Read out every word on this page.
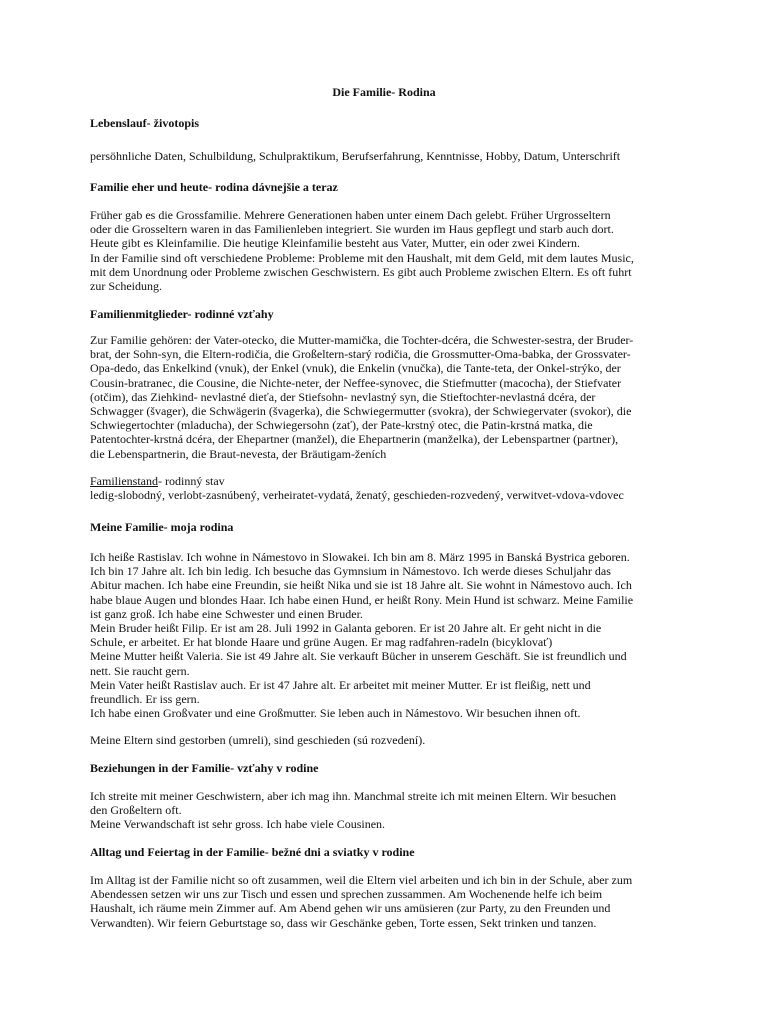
Die Familie- Rodina
Lebenslauf- životopis
persöhnliche Daten, Schulbildung, Schulpraktikum, Berufserfahrung, Kenntnisse, Hobby, Datum, Unterschrift
Familie eher und heute- rodina dávnejšie a teraz
Früher gab es die Grossfamilie. Mehrere Generationen haben unter einem Dach gelebt. Früher Urgrosseltern
oder die Grosseltern waren in das Familienleben integriert. Sie wurden im Haus gepflegt und starb auch dort.
Heute gibt es Kleinfamilie. Die heutige Kleinfamilie besteht aus Vater, Mutter, ein oder zwei Kindern.
In der Familie sind oft verschiedene Probleme: Probleme mit den Haushalt, mit dem Geld, mit dem lautes Music,
mit dem Unordnung oder Probleme zwischen Geschwistern. Es gibt auch Probleme zwischen Eltern. Es oft fuhrt
zur Scheidung.
Familienmitglieder- rodinné vzťahy
Zur Familie gehören: der Vater-otecko, die Mutter-mamička, die Tochter-dcéra, die Schwester-sestra, der Bruder-
brat, der Sohn-syn, die Eltern-rodičia, die Großeltern-starý rodičia, die Grossmutter-Oma-babka, der Grossvater-
Opa-dedo, das Enkelkind (vnuk), der Enkel (vnuk), die Enkelin (vnučka), die Tante-teta, der Onkel-strýko, der
Cousin-bratranec, die Cousine, die Nichte-neter, der Neffee-synovec, die Stiefmutter (macocha), der Stiefvater
(otčim), das Ziehkind- nevlastné dieťa, der Stiefsohn- nevlastný syn, die Stieftochter-nevlastná dcéra, der
Schwagger (švager), die Schwägerin (švagerka), die Schwiegermutter (svokra), der Schwiegervater (svokor), die
Schwiegertochter (mladucha), der Schwiegersohn (zať), der Pate-krstný otec, die Patin-krstná matka, die
Patentochter-krstná dcéra, der Ehepartner (manžel), die Ehepartnerin (manželka), der Lebenspartner (partner),
die Lebenspartnerin, die Braut-nevesta, der Bräutigam-ženích
Familienstand- rodinný stav
ledig-slobodný, verlobt-zasnúbený, verheiratet-vydatá, ženatý, geschieden-rozvedený, verwitvet-vdova-vdovec
Meine Familie- moja rodina
Ich heiße Rastislav. Ich wohne in Námestovo in Slowakei. Ich bin am 8. März 1995 in Banská Bystrica geboren.
Ich bin 17 Jahre alt. Ich bin ledig. Ich besuche das Gymnsium in Námestovo. Ich werde dieses Schuljahr das
Abitur machen. Ich habe eine Freundin, sie heißt Nika und sie ist 18 Jahre alt. Sie wohnt in Námestovo auch. Ich
habe blaue Augen und blondes Haar. Ich habe einen Hund, er heißt Rony. Mein Hund ist schwarz. Meine Familie
ist ganz groß. Ich habe eine Schwester und einen Bruder.
Mein Bruder heißt Filip. Er ist am 28. Juli 1992 in Galanta geboren. Er ist 20 Jahre alt. Er geht nicht in die
Schule, er arbeitet. Er hat blonde Haare und grüne Augen. Er mag radfahren-radeln (bicyklovať)
Meine Mutter heißt Valeria. Sie ist 49 Jahre alt. Sie verkauft Bücher in unserem Geschäft. Sie ist freundlich und
nett. Sie raucht gern.
Mein Vater heißt Rastislav auch. Er ist 47 Jahre alt. Er arbeitet mit meiner Mutter. Er ist fleißig, nett und
freundlich. Er iss gern.
Ich habe einen Großvater und eine Großmutter. Sie leben auch in Námestovo. Wir besuchen ihnen oft.
Meine Eltern sind gestorben (umreli), sind geschieden (sú rozvedení).
Beziehungen in der Familie- vzťahy v rodine
Ich streite mit meiner Geschwistern, aber ich mag ihn. Manchmal streite ich mit meinen Eltern. Wir besuchen
den Großeltern oft.
Meine Verwandschaft ist sehr gross. Ich habe viele Cousinen.
Alltag und Feiertag in der Familie- bežné dni a sviatky v rodine
Im Alltag ist der Familie nicht so oft zusammen, weil die Eltern viel arbeiten und ich bin in der Schule, aber zum
Abendessen setzen wir uns zur Tisch und essen und sprechen zussammen. Am Wochenende helfe ich beim
Haushalt, ich räume mein Zimmer auf. Am Abend gehen wir uns amüsieren (zur Party, zu den Freunden und
Verwandten). Wir feiern Geburtstage so, dass wir Geschänke geben, Torte essen, Sekt trinken und tanzen.
